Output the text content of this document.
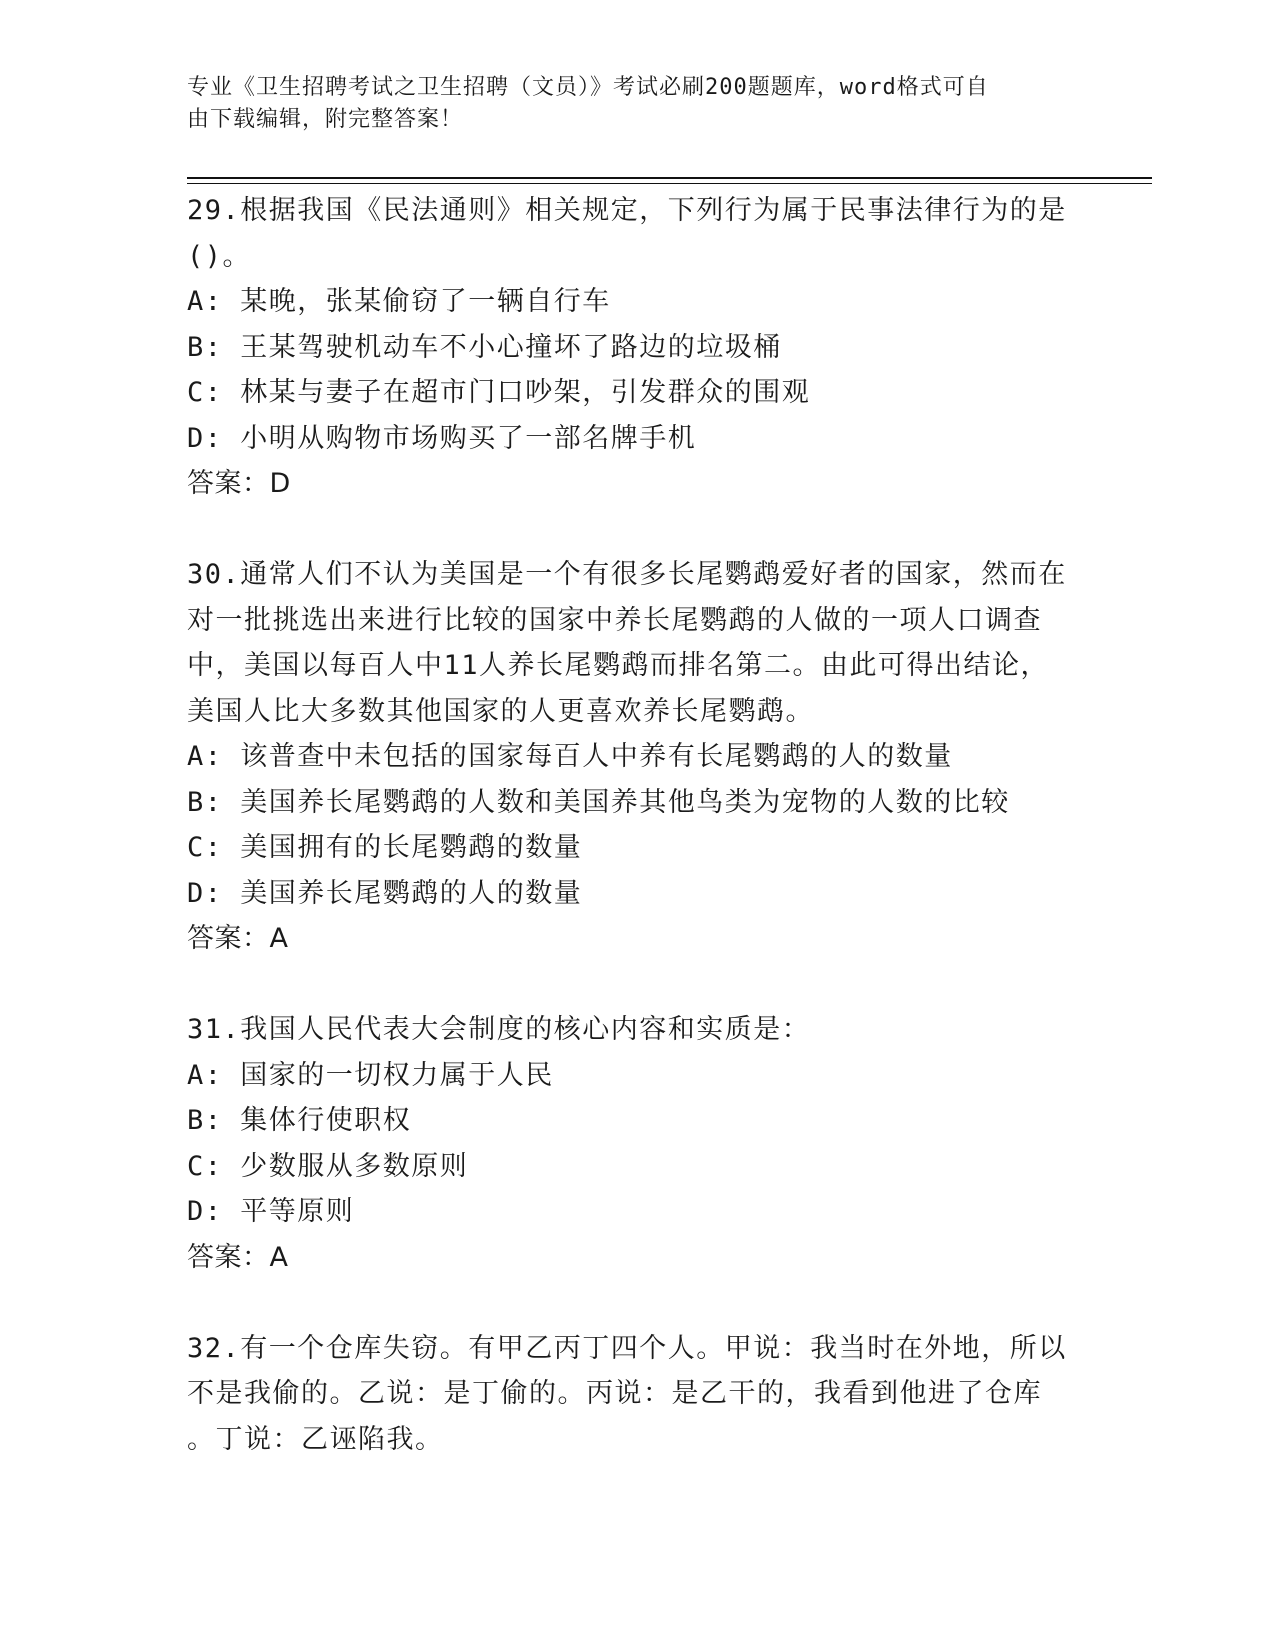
专业《卫生招聘考试之卫生招聘（文员）》考试必刷200题题库，word格式可自
由下载编辑，附完整答案！
29.根据我国《民法通则》相关规定，下列行为属于民事法律行为的是
()。
A: 某晚，张某偷窃了一辆自行车
B: 王某驾驶机动车不小心撞坏了路边的垃圾桶
C: 林某与妻子在超市门口吵架，引发群众的围观
D: 小明从购物市场购买了一部名牌手机
答案：D
30.通常人们不认为美国是一个有很多长尾鹦鹉爱好者的国家，然而在
对一批挑选出来进行比较的国家中养长尾鹦鹉的人做的一项人口调查
中，美国以每百人中11人养长尾鹦鹉而排名第二。由此可得出结论，
美国人比大多数其他国家的人更喜欢养长尾鹦鹉。
A: 该普查中未包括的国家每百人中养有长尾鹦鹉的人的数量
B: 美国养长尾鹦鹉的人数和美国养其他鸟类为宠物的人数的比较
C: 美国拥有的长尾鹦鹉的数量
D: 美国养长尾鹦鹉的人的数量
答案：A
31.我国人民代表大会制度的核心内容和实质是：
A: 国家的一切权力属于人民
B: 集体行使职权
C: 少数服从多数原则
D: 平等原则
答案：A
32.有一个仓库失窃。有甲乙丙丁四个人。甲说：我当时在外地，所以
不是我偷的。乙说：是丁偷的。丙说：是乙干的，我看到他进了仓库
。丁说：乙诬陷我。
